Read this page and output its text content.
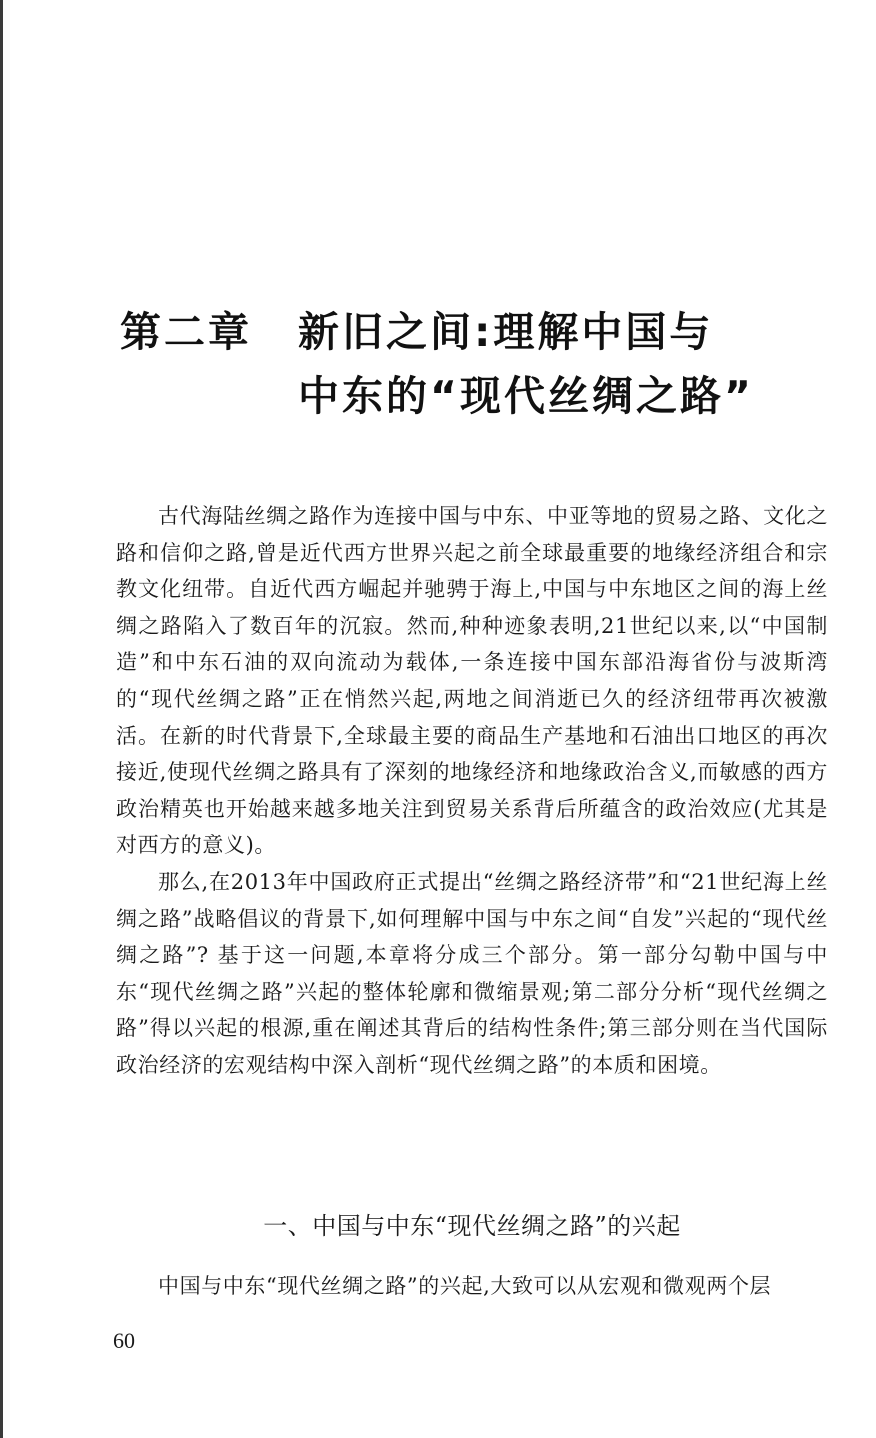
第二章 新旧之间:理解中国与
中东的“现代丝绸之路”

古代海陆丝绸之路作为连接中国与中东、中亚等地的贸易之路、文化之路和信仰之路,曾是近代西方世界兴起之前全球最重要的地缘经济组合和宗教文化纽带。自近代西方崛起并驰骋于海上,中国与中东地区之间的海上丝绸之路陷入了数百年的沉寂。然而,种种迹象表明,21世纪以来,以“中国制造”和中东石油的双向流动为载体,一条连接中国东部沿海省份与波斯湾的“现代丝绸之路”正在悄然兴起,两地之间消逝已久的经济纽带再次被激活。在新的时代背景下,全球最主要的商品生产基地和石油出口地区的再次接近,使现代丝绸之路具有了深刻的地缘经济和地缘政治含义,而敏感的西方政治精英也开始越来越多地关注到贸易关系背后所蕴含的政治效应(尤其是对西方的意义)。

那么,在2013年中国政府正式提出“丝绸之路经济带”和“21世纪海上丝绸之路”战略倡议的背景下,如何理解中国与中东之间“自发”兴起的“现代丝绸之路”? 基于这一问题,本章将分成三个部分。第一部分勾勒中国与中东“现代丝绸之路”兴起的整体轮廓和微缩景观;第二部分分析“现代丝绸之路”得以兴起的根源,重在阐述其背后的结构性条件;第三部分则在当代国际政治经济的宏观结构中深入剖析“现代丝绸之路”的本质和困境。

一、中国与中东“现代丝绸之路”的兴起

中国与中东“现代丝绸之路”的兴起,大致可以从宏观和微观两个层

60
